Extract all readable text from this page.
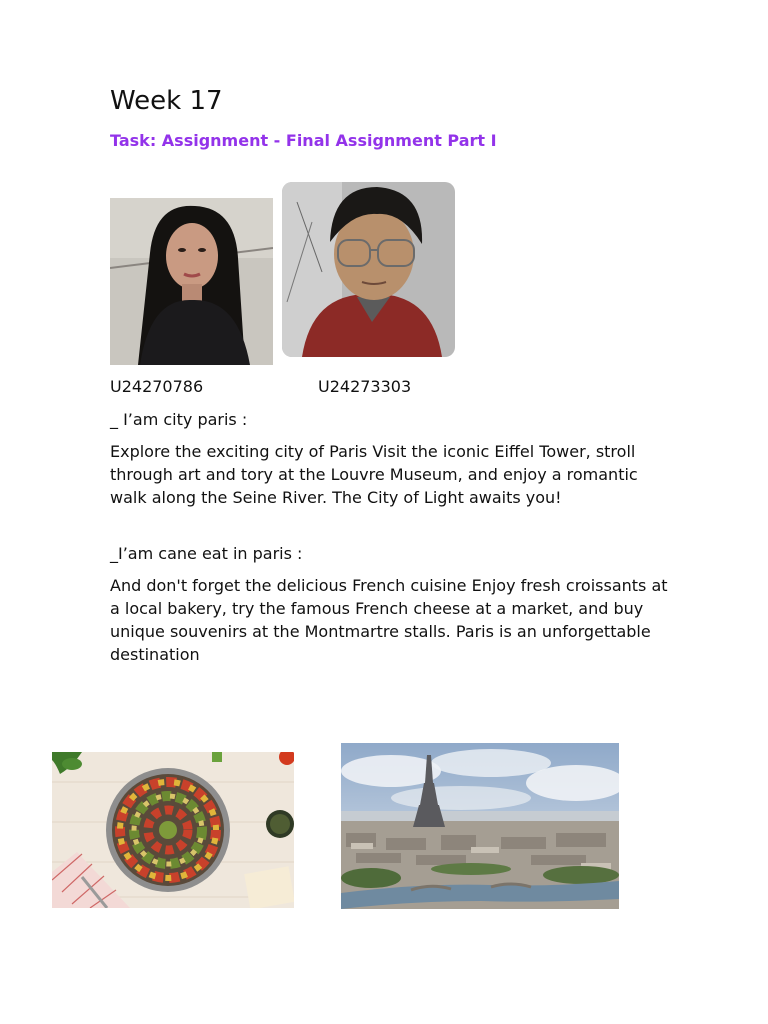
Week 17
Task: Assignment - Final Assignment Part I
U24270786	U24273303

_ I’am city paris :

Explore the exciting city of Paris Visit the iconic Eiffel Tower, stroll through art and tory at the Louvre Museum, and enjoy a romantic walk along the Seine River. The City of Light awaits you!

_I’am cane eat in paris :

And don't forget the delicious French cuisine Enjoy fresh croissants at a local bakery, try the famous French cheese at a market, and buy unique souvenirs at the Montmartre stalls. Paris is an unforgettable destination
